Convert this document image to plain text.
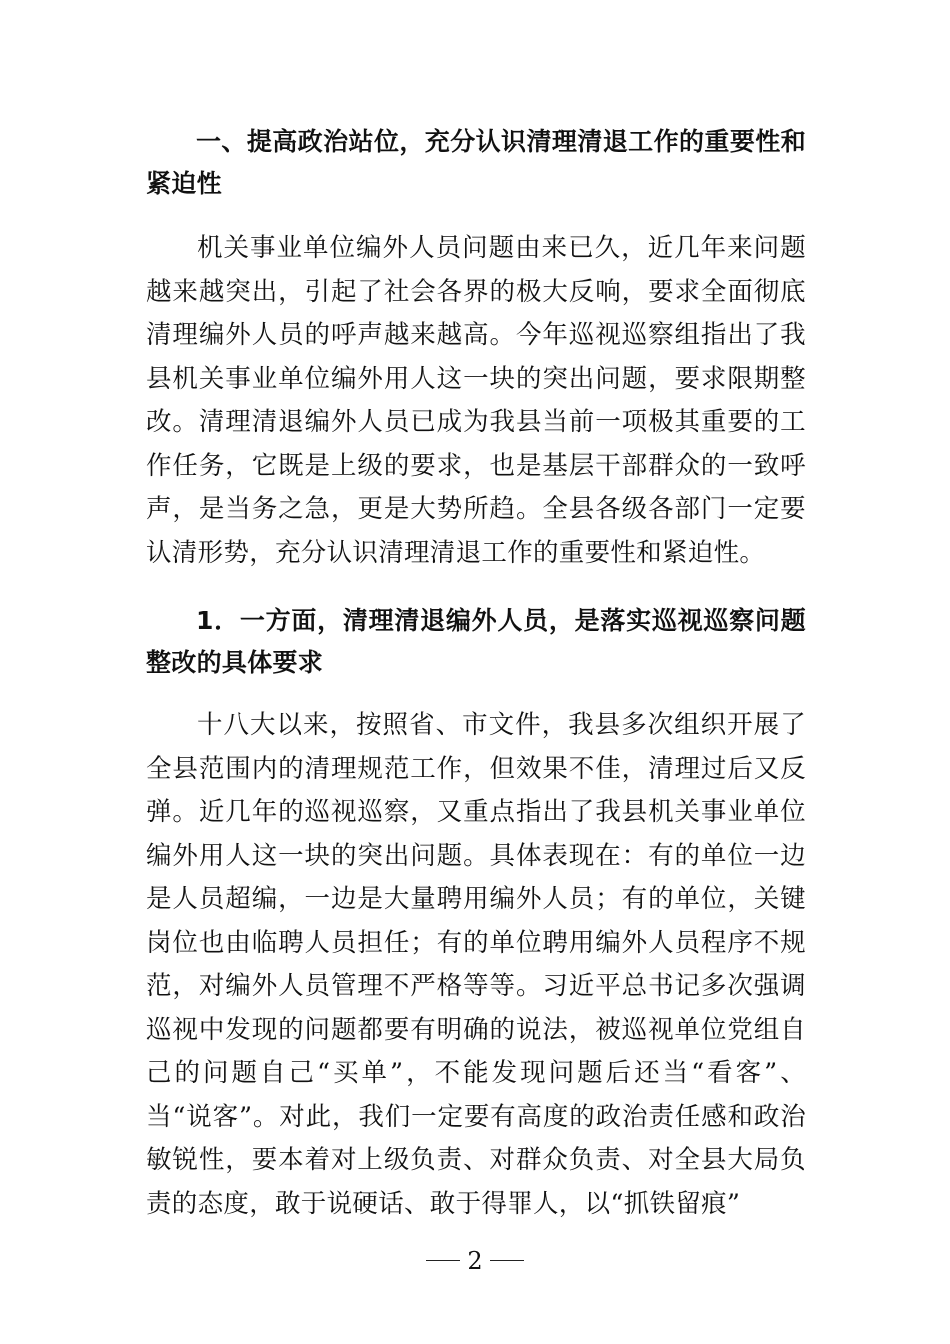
一、提高政治站位，充分认识清理清退工作的重要性和紧迫性
机关事业单位编外人员问题由来已久，近几年来问题越来越突出，引起了社会各界的极大反响，要求全面彻底清理编外人员的呼声越来越高。今年巡视巡察组指出了我县机关事业单位编外用人这一块的突出问题，要求限期整改。清理清退编外人员已成为我县当前一项极其重要的工作任务，它既是上级的要求，也是基层干部群众的一致呼声，是当务之急，更是大势所趋。全县各级各部门一定要认清形势，充分认识清理清退工作的重要性和紧迫性。
1．一方面，清理清退编外人员，是落实巡视巡察问题整改的具体要求
十八大以来，按照省、市文件，我县多次组织开展了全县范围内的清理规范工作，但效果不佳，清理过后又反弹。近几年的巡视巡察，又重点指出了我县机关事业单位编外用人这一块的突出问题。具体表现在：有的单位一边是人员超编，一边是大量聘用编外人员；有的单位，关键岗位也由临聘人员担任；有的单位聘用编外人员程序不规范，对编外人员管理不严格等等。习近平总书记多次强调巡视中发现的问题都要有明确的说法，被巡视单位党组自己的问题自己“买单”，不能发现问题后还当“看客”、当“说客”。对此，我们一定要有高度的政治责任感和政治敏锐性，要本着对上级负责、对群众负责、对全县大局负责的态度，敢于说硬话、敢于得罪人，以“抓铁留痕”
2
